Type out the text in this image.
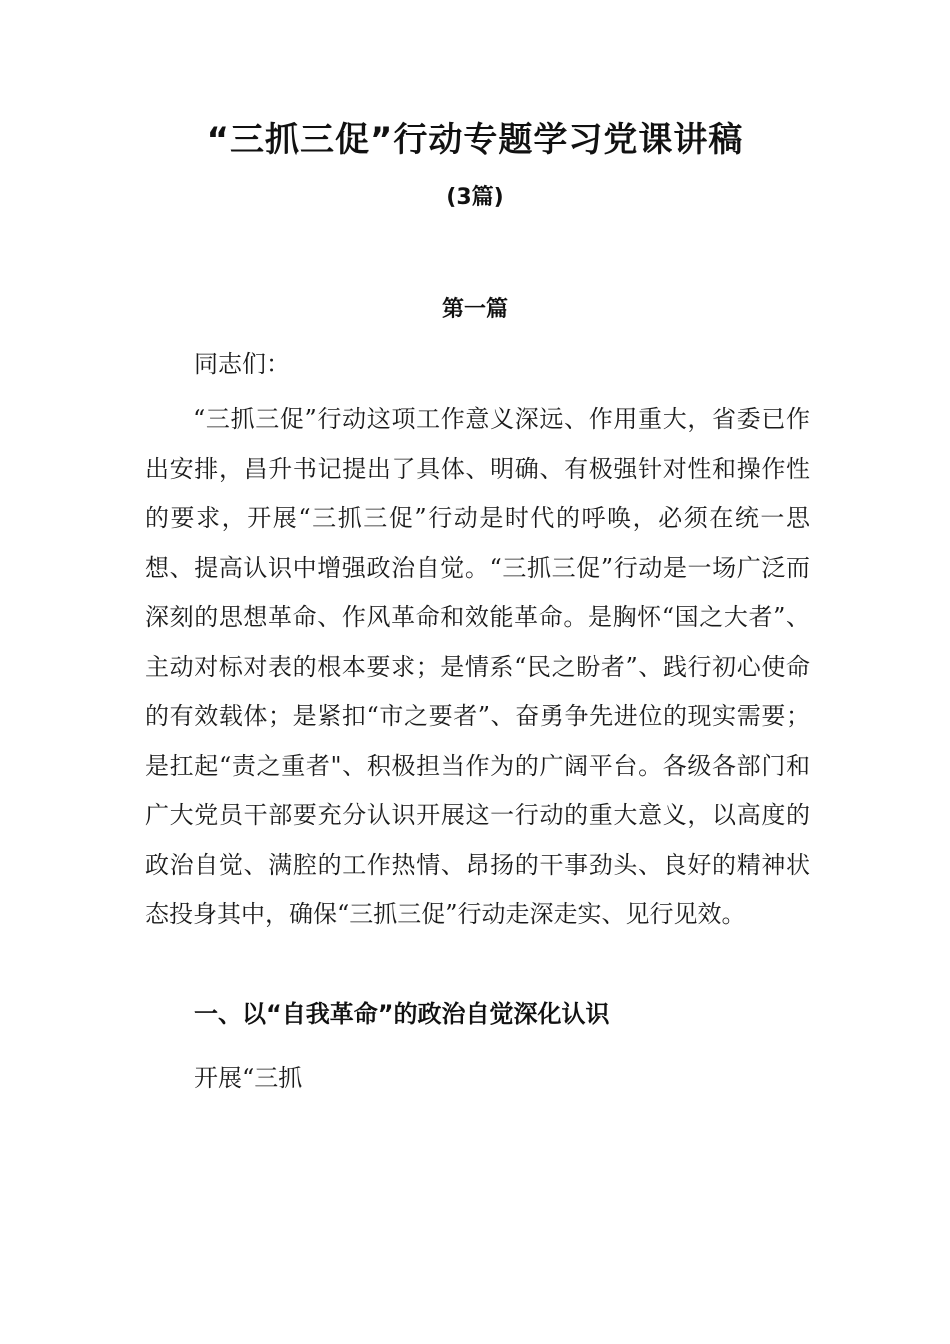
“三抓三促”行动专题学习党课讲稿
(3篇)
第一篇
同志们：

“三抓三促”行动这项工作意义深远、作用重大，省委已作出安排，昌升书记提出了具体、明确、有极强针对性和操作性的要求，开展“三抓三促”行动是时代的呼唤，必须在统一思想、提高认识中增强政治自觉。“三抓三促”行动是一场广泛而深刻的思想革命、作风革命和效能革命。是胸怀“国之大者”、主动对标对表的根本要求；是情系“民之盼者”、践行初心使命的有效载体；是紧扣“市之要者”、奋勇争先进位的现实需要；是扛起“责之重者"、积极担当作为的广阔平台。各级各部门和广大党员干部要充分认识开展这一行动的重大意义，以高度的政治自觉、满腔的工作热情、昂扬的干事劲头、良好的精神状态投身其中，确保“三抓三促”行动走深走实、见行见效。

一、以“自我革命”的政治自觉深化认识
开展“三抓
